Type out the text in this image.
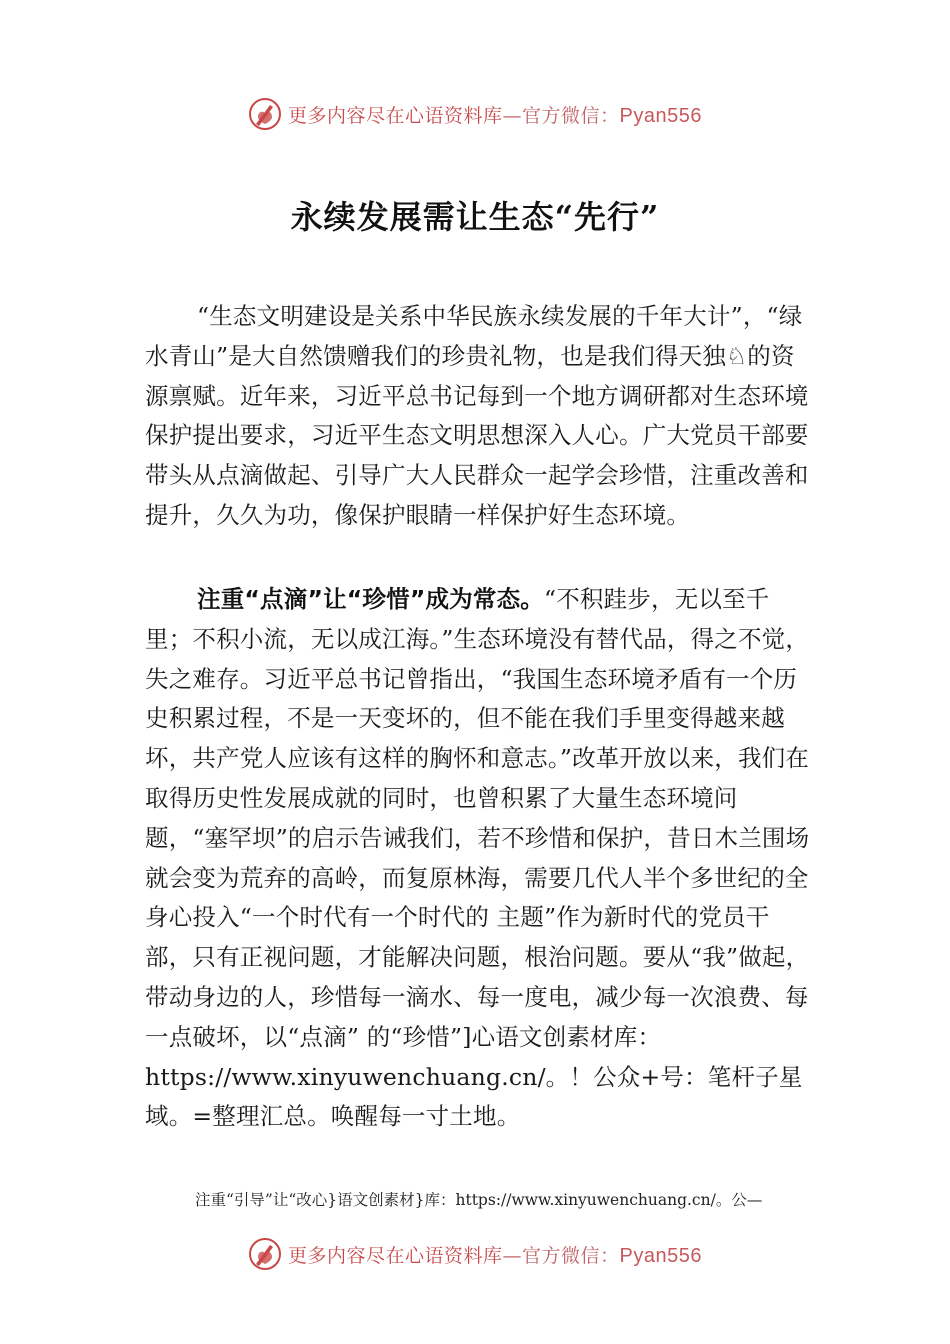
更多内容尽在心语资料库—官方微信：Pyan556
永续发展需让生态“先行”
“生态文明建设是关系中华民族永续发展的千年大计”，“绿水青山”是大自然馈赠我们的珍贵礼物，也是我们得天独♘的资源禀赋。近年来，习近平总书记每到一个地方调研都对生态环境保护提出要求，习近平生态文明思想深入人心。广大党员干部要带头从点滴做起、引导广大人民群众一起学会珍惜，注重改善和提升，久久为功，像保护眼睛一样保护好生态环境。
注重“点滴”让“珍惜”成为常态。“不积跬步，无以至千里；不积小流，无以成江海。”生态环境没有替代品，得之不觉，失之难存。习近平总书记曾指出，“我国生态环境矛盾有一个历史积累过程，不是一天变坏的，但不能在我们手里变得越来越坏，共产党人应该有这样的胸怀和意志。”改革开放以来，我们在取得历史性发展成就的同时，也曾积累了大量生态环境问题，“塞罕坝”的启示告诫我们，若不珍惜和保护，昔日木兰围场就会变为荒弃的高岭，而复原林海，需要几代人半个多世纪的全身心投入“一个时代有一个时代的 主题”作为新时代的党员干部，只有正视问题，才能解决问题，根治问题。要从“我”做起，带动身边的人，珍惜每一滴水、每一度电，减少每一次浪费、每一点破坏，以“点滴” 的“珍惜”]心语文创素材库：https://www.xinyuwenchuang.cn/。！公众+号：笔杆子星域。=整理汇总。唤醒每一寸土地。
注重“引导”让“改心}语文创素材}库：https://www.xinyuwenchuang.cn/。公—
更多内容尽在心语资料库—官方微信：Pyan556
